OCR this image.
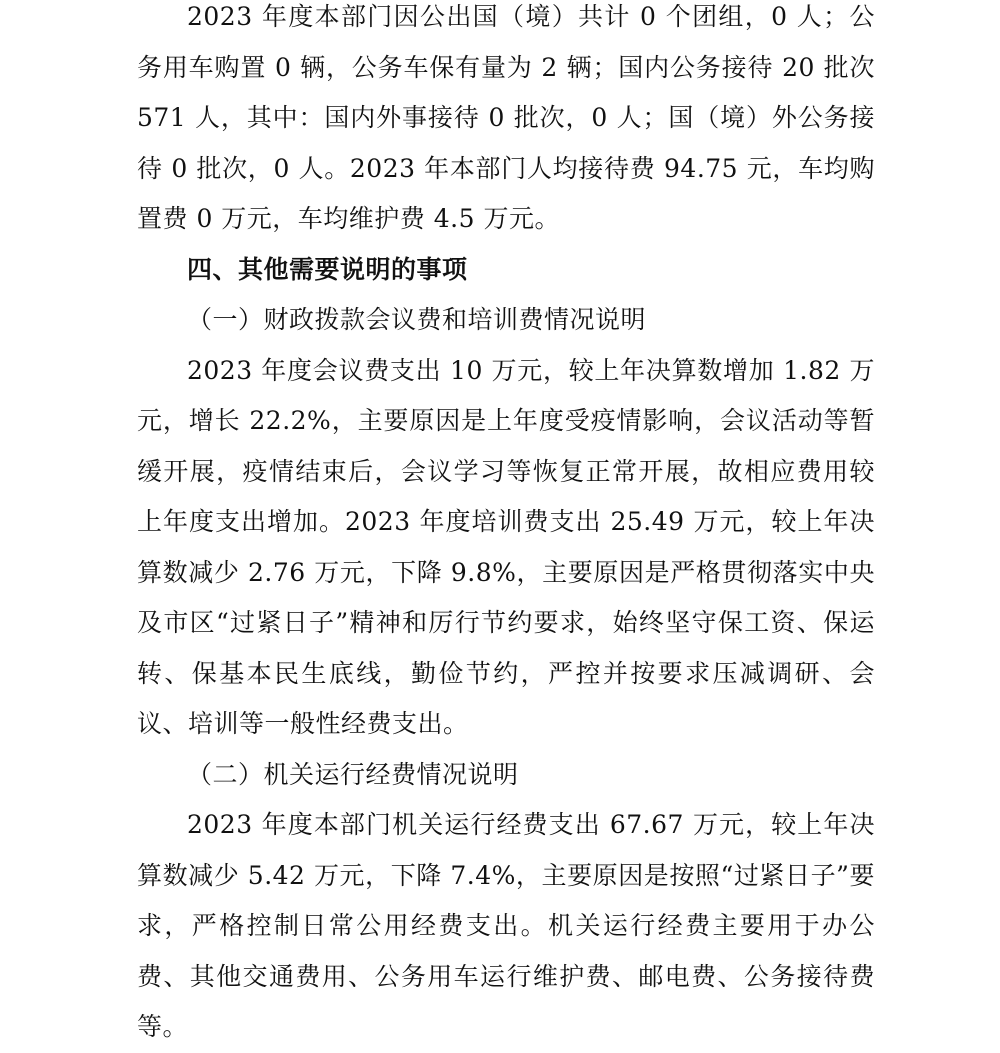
2023 年度本部门因公出国（境）共计 0 个团组，0 人；公务用车购置 0 辆，公务车保有量为 2 辆；国内公务接待 20 批次 571 人，其中：国内外事接待 0 批次，0 人；国（境）外公务接待 0 批次，0 人。2023 年本部门人均接待费 94.75 元，车均购置费 0 万元，车均维护费 4.5 万元。

四、其他需要说明的事项

（一）财政拨款会议费和培训费情况说明

2023 年度会议费支出 10 万元，较上年决算数增加 1.82 万元，增长 22.2%，主要原因是上年度受疫情影响，会议活动等暂缓开展，疫情结束后，会议学习等恢复正常开展，故相应费用较上年度支出增加。2023 年度培训费支出 25.49 万元，较上年决算数减少 2.76 万元，下降 9.8%，主要原因是严格贯彻落实中央及市区“过紧日子”精神和厉行节约要求，始终坚守保工资、保运转、保基本民生底线，勤俭节约，严控并按要求压减调研、会议、培训等一般性经费支出。

（二）机关运行经费情况说明

2023 年度本部门机关运行经费支出 67.67 万元，较上年决算数减少 5.42 万元，下降 7.4%，主要原因是按照“过紧日子”要求，严格控制日常公用经费支出。机关运行经费主要用于办公费、其他交通费用、公务用车运行维护费、邮电费、公务接待费等。
